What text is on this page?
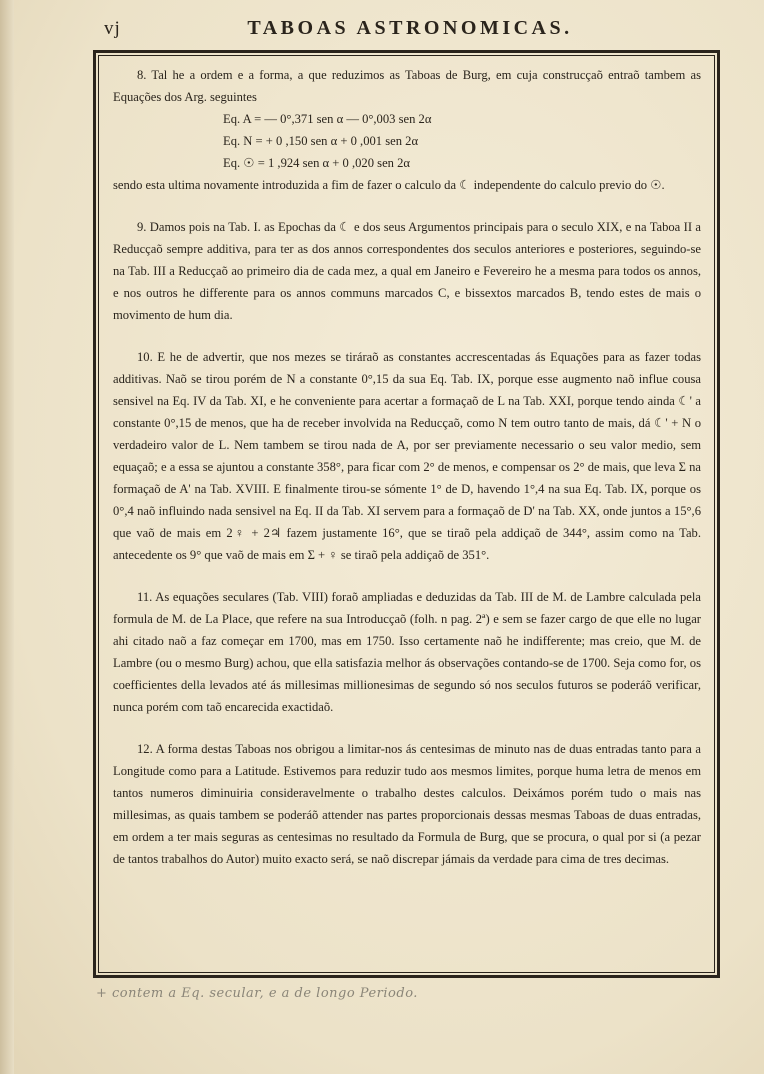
vj	TABOAS ASTRONOMICAS.

8. Tal he a ordem e a forma, a que reduzimos as Taboas de Burg, em cuja construcçaõ entraõ tambem as Equações dos Arg. seguintes

Eq. A = — 0°,371 sen α — 0°,003 sen 2α
Eq. N = + 0 ,150 sen α + 0 ,001 sen 2α
Eq. ☉ = 1 ,924 sen α + 0 ,020 sen 2α

sendo esta ultima novamente introduzida a fim de fazer o calculo da ☾ independente do calculo previo do ☉.

9. Damos pois na Tab. I. as Epochas da ☾ e dos seus Argumentos principais para o seculo XIX, e na Taboa II a Reducçaõ sempre additiva, para ter as dos annos correspondentes dos seculos anteriores e posteriores, seguindo-se na Tab. III a Reducçaõ ao primeiro dia de cada mez, a qual em Janeiro e Fevereiro he a mesma para todos os annos, e nos outros he differente para os annos communs marcados C, e bissextos marcados B, tendo estes de mais o movimento de hum dia.

10. E he de advertir, que nos mezes se tiráraõ as constantes accrescentadas ás Equações para as fazer todas additivas. Naõ se tirou porém de N a constante 0°,15 da sua Eq. Tab. IX, porque esse augmento naõ influe cousa sensivel na Eq. IV da Tab. XI, e he conveniente para acertar a formaçaõ de L na Tab. XXI, porque tendo ainda ☾' a constante 0°,15 de menos, que ha de receber involvida na Reducçaõ, como N tem outro tanto de mais, dá ☾' + N o verdadeiro valor de L. Nem tambem se tirou nada de A, por ser previamente necessario o seu valor medio, sem equaçaõ; e a essa se ajuntou a constante 358°, para ficar com 2° de menos, e compensar os 2° de mais, que leva Σ na formaçaõ de A' na Tab. XVIII. E finalmente tirou-se sómente 1° de D, havendo 1°,4 na sua Eq. Tab. IX, porque os 0°,4 naõ influindo nada sensivel na Eq. II da Tab. XI servem para a formaçaõ de D' na Tab. XX, onde juntos a 15°,6 que vaõ de mais em 2♀ + 2♃ fazem justamente 16°, que se tiraõ pela addiçaõ de 344°, assim como na Tab. antecedente os 9° que vaõ de mais em Σ + ♀ se tiraõ pela addiçaõ de 351°.

11. As equações seculares (Tab. VIII) foraõ ampliadas e deduzidas da Tab. III de M. de Lambre calculada pela formula de M. de La Place, que refere na sua Introducçaõ (folh. n pag. 2ª) e sem se fazer cargo de que elle no lugar ahi citado naõ a faz começar em 1700, mas em 1750. Isso certamente naõ he indifferente; mas creio, que M. de Lambre (ou o mesmo Burg) achou, que ella satisfazia melhor ás observações contando-se de 1700. Seja como for, os coefficientes della levados até ás millesimas millionesimas de segundo só nos seculos futuros se poderáõ verificar, nunca porém com taõ encarecida exactidaõ.

12. A forma destas Taboas nos obrigou a limitar-nos ás centesimas de minuto nas de duas entradas tanto para a Longitude como para a Latitude. Estivemos para reduzir tudo aos mesmos limites, porque huma letra de menos em tantos numeros diminuiria consideravelmente o trabalho destes calculos. Deixámos porém tudo o mais nas millesimas, as quais tambem se poderáõ attender nas partes proporcionais dessas mesmas Taboas de duas entradas, em ordem a ter mais seguras as centesimas no resultado da Formula de Burg, que se procura, o qual por si (a pezar de tantos trabalhos do Autor) muito exacto será, se naõ discrepar jámais da verdade para cima de tres decimas.

+ contem a Eq. secular, e a de longo Periodo.
